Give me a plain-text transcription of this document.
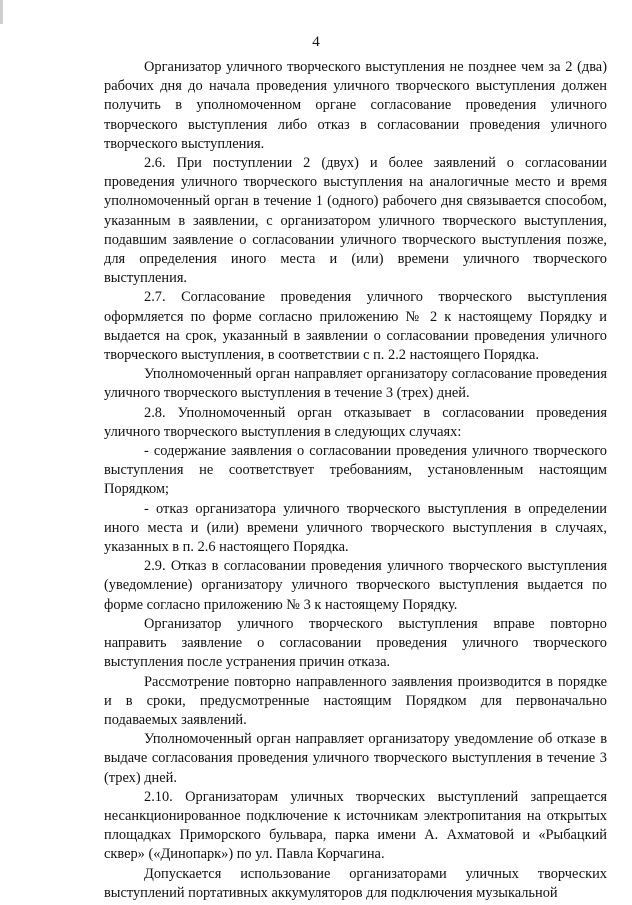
4

Организатор уличного творческого выступления не позднее чем за 2 (два) рабочих дня до начала проведения уличного творческого выступления должен получить в уполномоченном органе согласование проведения уличного творческого выступления либо отказ в согласовании проведения уличного творческого выступления.

2.6. При поступлении 2 (двух) и более заявлений о согласовании проведения уличного творческого выступления на аналогичные место и время уполномоченный орган в течение 1 (одного) рабочего дня связывается способом, указанным в заявлении, с организатором уличного творческого выступления, подавшим заявление о согласовании уличного творческого выступления позже, для определения иного места и (или) времени уличного творческого выступления.

2.7. Согласование проведения уличного творческого выступления оформляется по форме согласно приложению № 2 к настоящему Порядку и выдается на срок, указанный в заявлении о согласовании проведения уличного творческого выступления, в соответствии с п. 2.2 настоящего Порядка.

Уполномоченный орган направляет организатору согласование проведения уличного творческого выступления в течение 3 (трех) дней.

2.8. Уполномоченный орган отказывает в согласовании проведения уличного творческого выступления в следующих случаях:

- содержание заявления о согласовании проведения уличного творческого выступления не соответствует требованиям, установленным настоящим Порядком;

- отказ организатора уличного творческого выступления в определении иного места и (или) времени уличного творческого выступления в случаях, указанных в п. 2.6 настоящего Порядка.

2.9. Отказ в согласовании проведения уличного творческого выступления (уведомление) организатору уличного творческого выступления выдается по форме согласно приложению № 3 к настоящему Порядку.

Организатор уличного творческого выступления вправе повторно направить заявление о согласовании проведения уличного творческого выступления после устранения причин отказа.

Рассмотрение повторно направленного заявления производится в порядке и в сроки, предусмотренные настоящим Порядком для первоначально подаваемых заявлений.

Уполномоченный орган направляет организатору уведомление об отказе в выдаче согласования проведения уличного творческого выступления в течение 3 (трех) дней.

2.10. Организаторам уличных творческих выступлений запрещается несанкционированное подключение к источникам электропитания на открытых площадках Приморского бульвара, парка имени А. Ахматовой и «Рыбацкий сквер» («Динопарк») по ул. Павла Корчагина.

Допускается использование организаторами уличных творческих выступлений портативных аккумуляторов для подключения музыкальной
